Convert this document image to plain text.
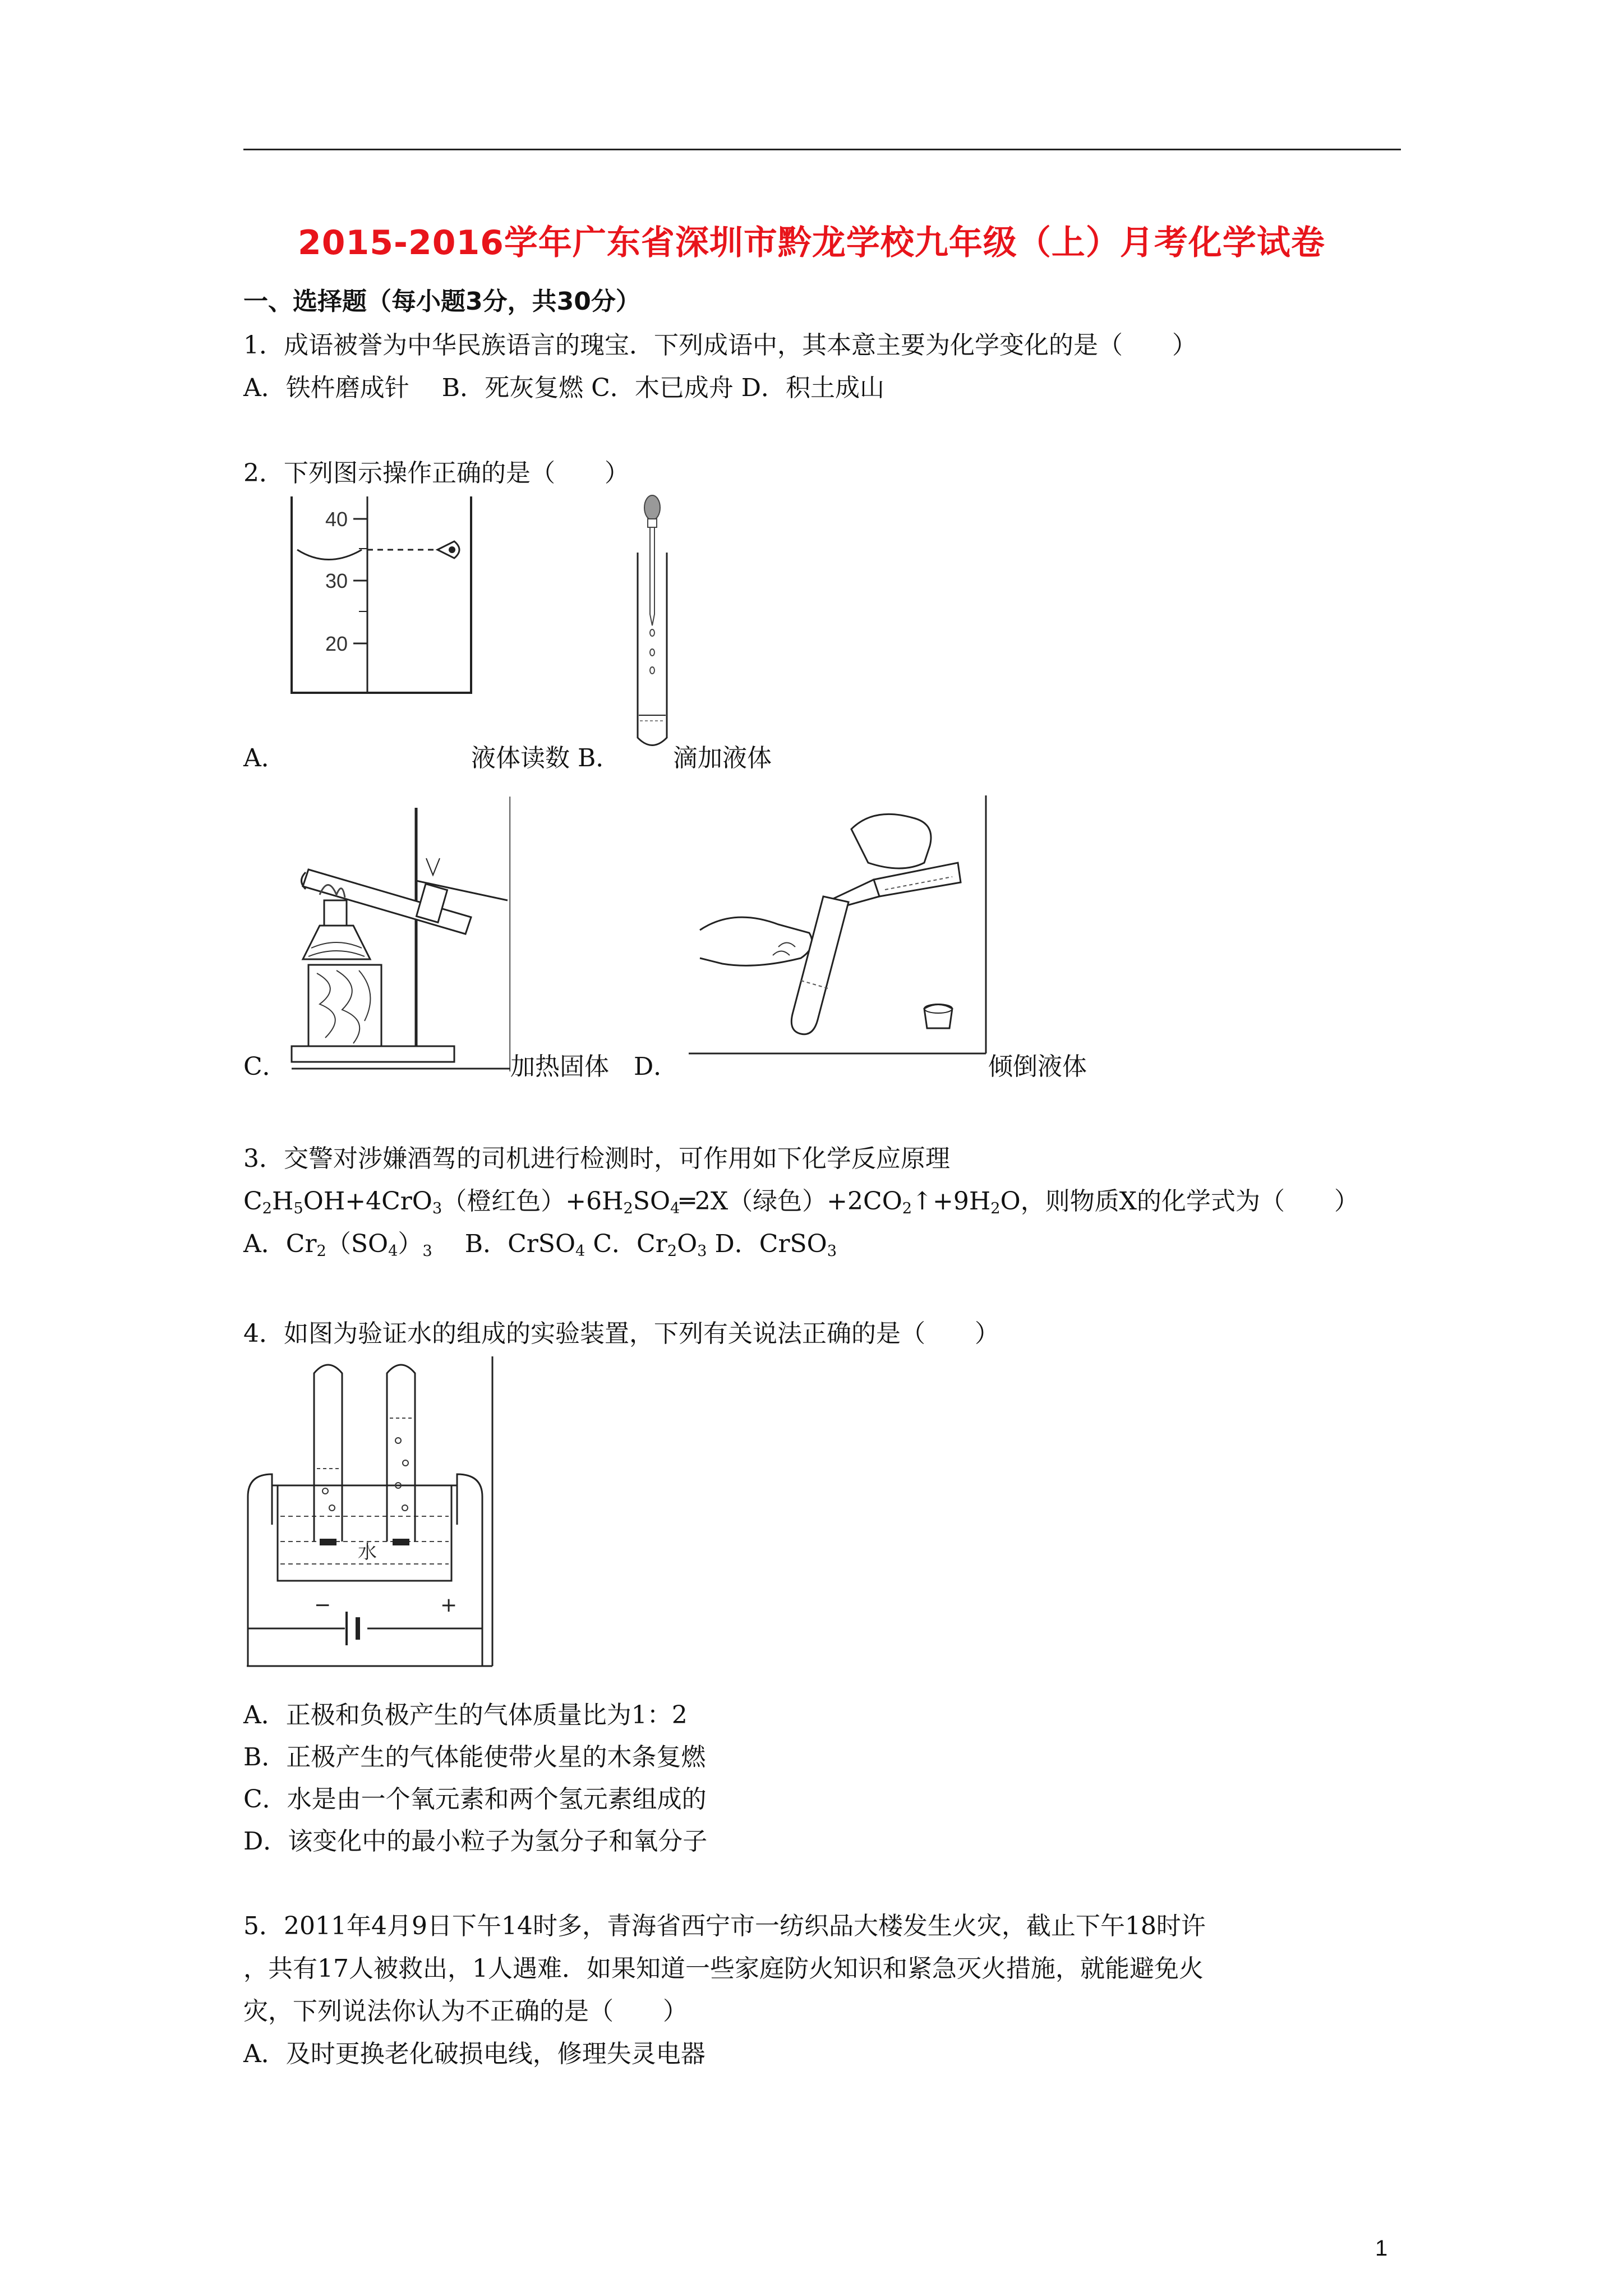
2015-2016学年广东省深圳市黔龙学校九年级（上）月考化学试卷
一、选择题（每小题3分，共30分）
1．成语被誉为中华民族语言的瑰宝．下列成语中，其本意主要为化学变化的是（　　）
A．铁杵磨成针　 B．死灰复燃 C．木已成舟 D．积土成山
2．下列图示操作正确的是（　　）
40
30
20
A．	液体读数 B． 滴加液体
C．	加热固体　D．	倾倒液体
3．交警对涉嫌酒驾的司机进行检测时，可作用如下化学反应原理
$C_2H_5OH+4CrO_3$（橙红色）$+6H_2SO_4═2X$（绿色）$+2CO_2↑+9H_2O$，则物质X的化学式为（　　）
A．$Cr_2(SO_4)_3$　 B．CrSO$_4$ C．$Cr_2O_3$ D．CrSO$_3$
4．如图为验证水的组成的实验装置，下列有关说法正确的是（　　）
水
−	+
A．正极和负极产生的气体质量比为1：2
B．正极产生的气体能使带火星的木条复燃
C．水是由一个氧元素和两个氢元素组成的
D．该变化中的最小粒子为氢分子和氧分子
5．2011年4月9日下午14时多，青海省西宁市一纺织品大楼发生火灾，截止下午18时许
，共有17人被救出，1人遇难．如果知道一些家庭防火知识和紧急灭火措施，就能避免火
灾，下列说法你认为不正确的是（　　）
A．及时更换老化破损电线，修理失灵电器
1
